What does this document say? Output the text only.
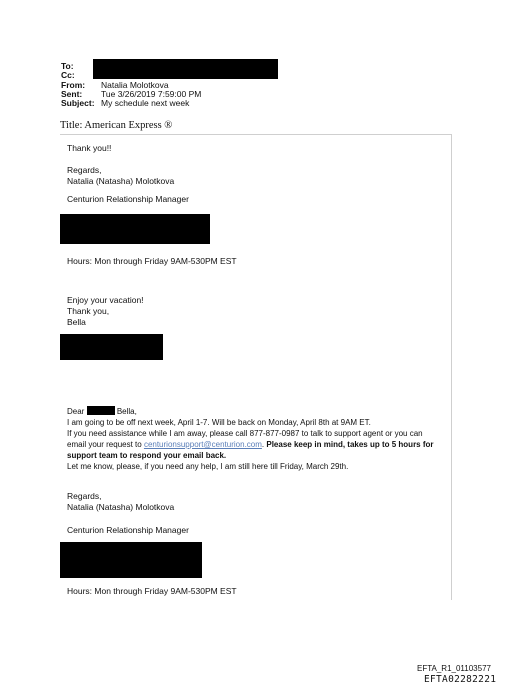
To:
Cc:
From: Natalia Molotkova
Sent: Tue 3/26/2019 7:59:00 PM
Subject: My schedule next week
Title: American Express ®
Thank you!!
Regards,
Natalia (Natasha) Molotkova
Centurion Relationship Manager
Hours: Mon through Friday 9AM-530PM EST
Enjoy your vacation!
Thank you,
Bella
Dear	Bella,
I am going to be off next week, April 1-7. Will be back on Monday, April 8th at 9AM ET.
If you need assistance while I am away, please call 877-877-0987 to talk to support agent or you can
email your request to centurionsupport@centurion.com. Please keep in mind, takes up to 5 hours for
support team to respond your email back.
Let me know, please, if you need any help, I am still here till Friday, March 29th.
Regards,
Natalia (Natasha) Molotkova
Centurion Relationship Manager
Hours: Mon through Friday 9AM-530PM EST
EFTA_R1_01103577
EFTA02282221
